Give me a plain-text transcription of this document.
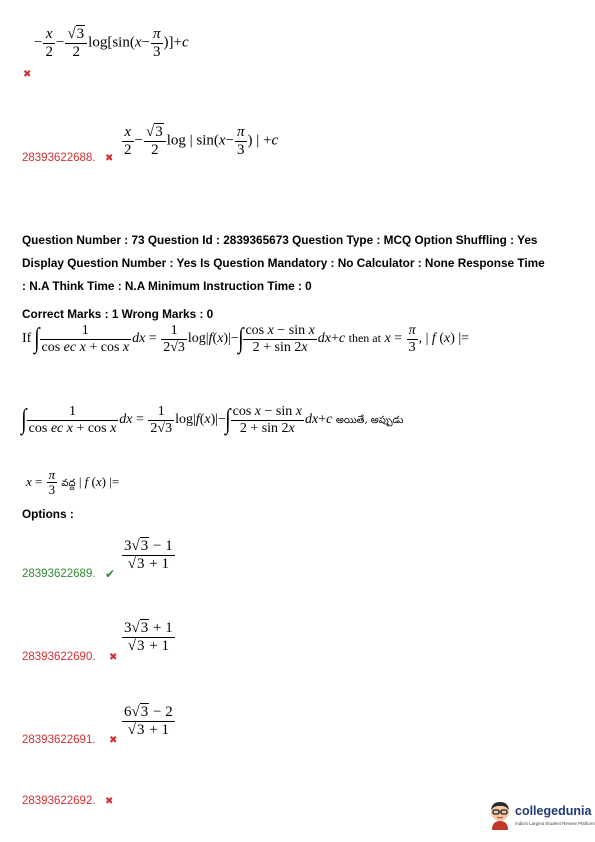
− $\frac{x}{2} - \frac{√3}{2} \log[\sin(x- \frac{\pi}{3} )]+c$
✖
28393622688. ✖
$\frac{x}{2} - \frac{√3}{2}$ log | $\sin(x- \frac{\pi}{3}$ ) | +c
Question Number : 73 Question Id : 2839365673 Question Type : MCQ Option Shuffling : Yes
Display Question Number : Yes Is Question Mandatory : No Calculator : None Response Time
: N.A Think Time : N.A Minimum Instruction Time : 0
Correct Marks : 1 Wrong Marks : 0
If ∫ $\frac{1}{\text{cos ec x + cos x}}$ dx = $\frac{1}{2√3} \log|f(x)|-\int \frac{\text{cos x − sin x}}{2 + \sin 2x} dx+c$ then at $x = \frac{\pi}{3}$ , | f (x) |=
∫ $\frac{1}{\text{cos ec x + cos x}}$ dx = $\frac{1}{2√3} \log|f(x)|-\int \frac{\text{cos x − sin x}}{2 + \sin 2x} dx+c$ అయితే, అప్పుడు
$x = \frac{\pi}{3}$ వద్ద | f (x) |=
Options :
28393622689. ✔
$\frac{3√3 - 1}{√3 + 1}$
28393622690. ✖
$\frac{3√3 + 1}{√3 + 1}$
28393622691. ✖
$\frac{6√3 - 2}{√3 + 1}$
28393622692. ✖
collegedunia
India's Largest Student Review Platform
